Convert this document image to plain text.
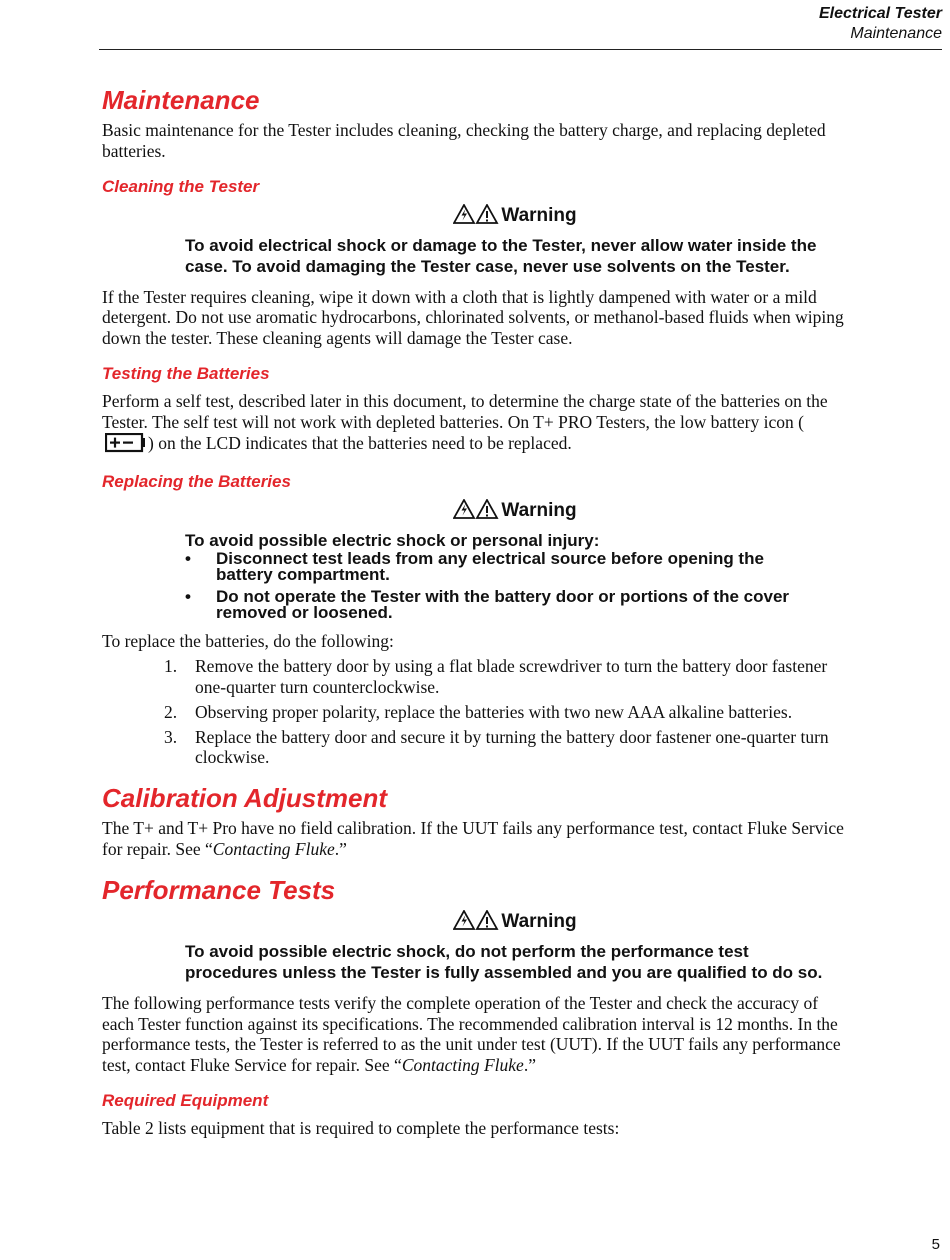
Electrical Tester
Maintenance
Maintenance

Basic maintenance for the Tester includes cleaning, checking the battery charge, and replacing depleted batteries.

Cleaning the Tester
Warning
To avoid electrical shock or damage to the Tester, never allow water inside the case. To avoid damaging the Tester case, never use solvents on the Tester.

If the Tester requires cleaning, wipe it down with a cloth that is lightly dampened with water or a mild detergent. Do not use aromatic hydrocarbons, chlorinated solvents, or methanol-based fluids when wiping down the tester. These cleaning agents will damage the Tester case.

Testing the Batteries

Perform a self test, described later in this document, to determine the charge state of the batteries on the Tester. The self test will not work with depleted batteries. On T+ PRO Testers, the low battery icon () on the LCD indicates that the batteries need to be replaced.

Replacing the Batteries
Warning
To avoid possible electric shock or personal injury:
• Disconnect test leads from any electrical source before opening the battery compartment.
• Do not operate the Tester with the battery door or portions of the cover removed or loosened.

To replace the batteries, do the following:

1. Remove the battery door by using a flat blade screwdriver to turn the battery door fastener one-quarter turn counterclockwise.
2. Observing proper polarity, replace the batteries with two new AAA alkaline batteries.
3. Replace the battery door and secure it by turning the battery door fastener one-quarter turn clockwise.
Calibration Adjustment

The T+ and T+ Pro have no field calibration. If the UUT fails any performance test, contact Fluke Service for repair. See “Contacting Fluke.”

Performance Tests
Warning
To avoid possible electric shock, do not perform the performance test procedures unless the Tester is fully assembled and you are qualified to do so.

The following performance tests verify the complete operation of the Tester and check the accuracy of each Tester function against its specifications. The recommended calibration interval is 12 months. In the performance tests, the Tester is referred to as the unit under test (UUT). If the UUT fails any performance test, contact Fluke Service for repair. See “Contacting Fluke.”

Required Equipment

Table 2 lists equipment that is required to complete the performance tests:

5
